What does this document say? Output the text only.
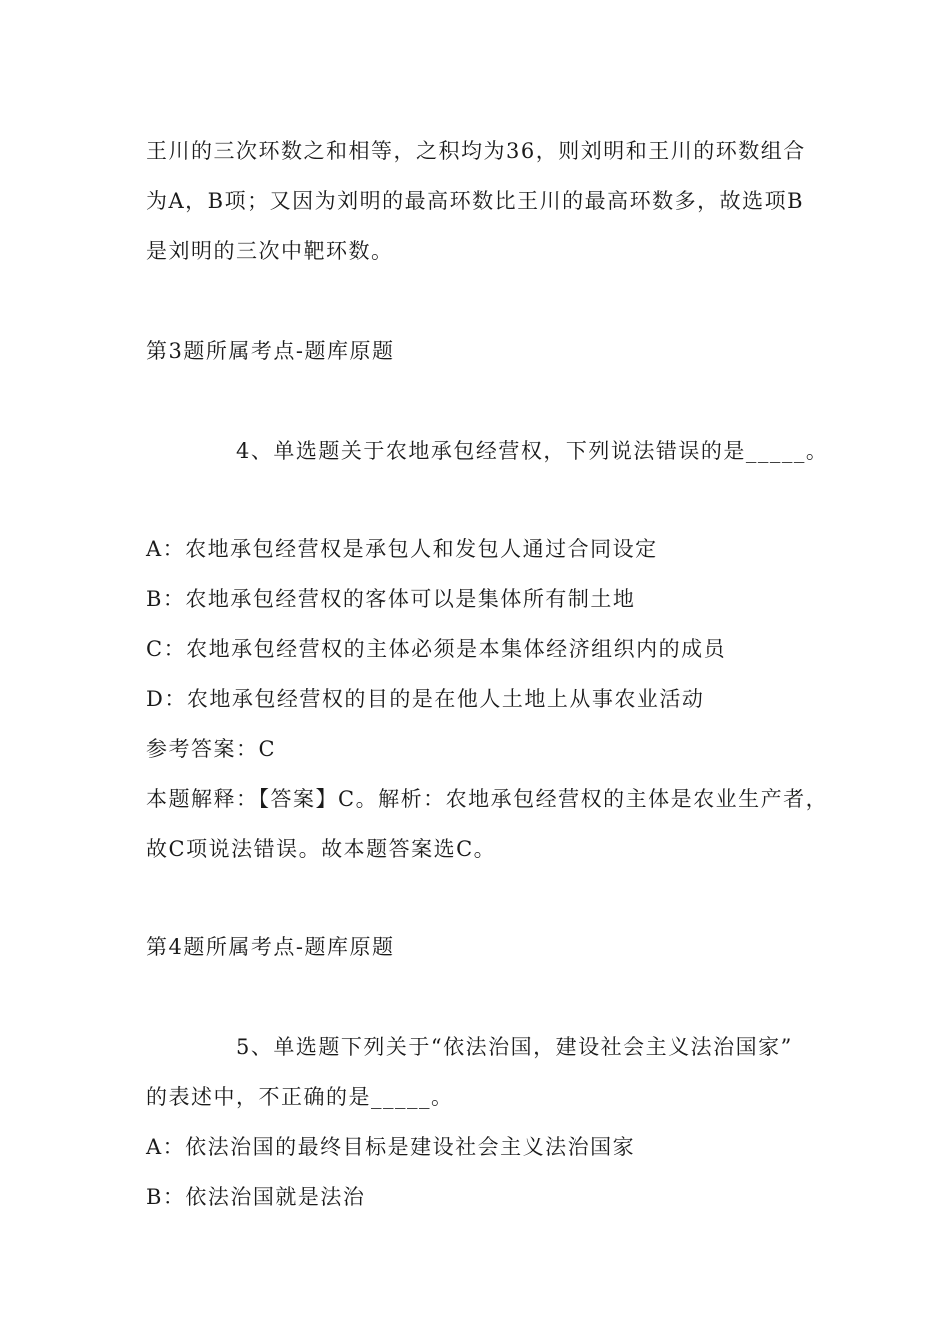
王川的三次环数之和相等，之积均为36，则刘明和王川的环数组合
为A，B项；又因为刘明的最高环数比王川的最高环数多，故选项B
是刘明的三次中靶环数。
第3题所属考点-题库原题
4、单选题关于农地承包经营权，下列说法错误的是_____。
A：农地承包经营权是承包人和发包人通过合同设定
B：农地承包经营权的客体可以是集体所有制土地
C：农地承包经营权的主体必须是本集体经济组织内的成员
D：农地承包经营权的目的是在他人土地上从事农业活动
参考答案：C
本题解释：【答案】C。解析：农地承包经营权的主体是农业生产者，
故C项说法错误。故本题答案选C。
第4题所属考点-题库原题
5、单选题下列关于“依法治国，建设社会主义法治国家”
的表述中，不正确的是_____。
A：依法治国的最终目标是建设社会主义法治国家
B：依法治国就是法治
